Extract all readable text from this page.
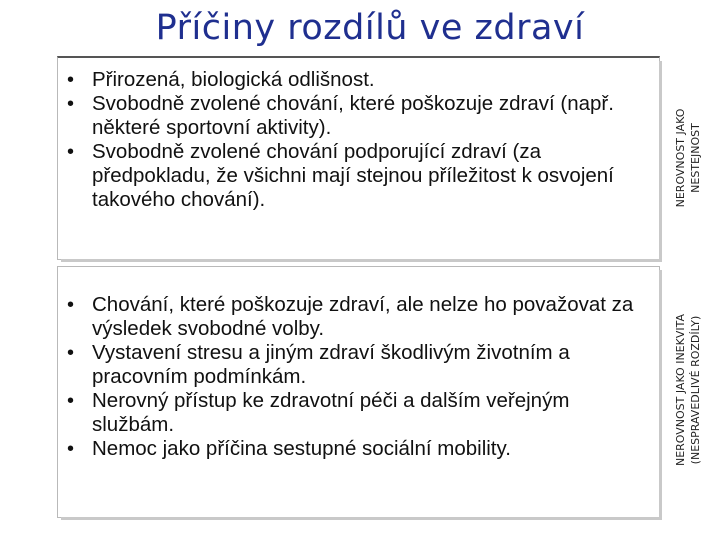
Příčiny rozdílů ve zdraví
• Přirozená, biologická odlišnost.
• Svobodně zvolené chování, které poškozuje zdraví (např. některé sportovní aktivity).
• Svobodně zvolené chování podporující zdraví (za předpokladu, že všichni mají stejnou příležitost k osvojení takového chování).	NEROVNOST JAKO NESTEJNOST
• Chování, které poškozuje zdraví, ale nelze ho považovat za výsledek svobodné volby.
• Vystavení stresu a jiným zdraví škodlivým životním a pracovním podmínkám.
• Nerovný přístup ke zdravotní péči a dalším veřejným službám.
• Nemoc jako příčina sestupné sociální mobility.	NEROVNOST JAKO INEKVITA (NESPRAVEDLIVÉ ROZDÍLY)
